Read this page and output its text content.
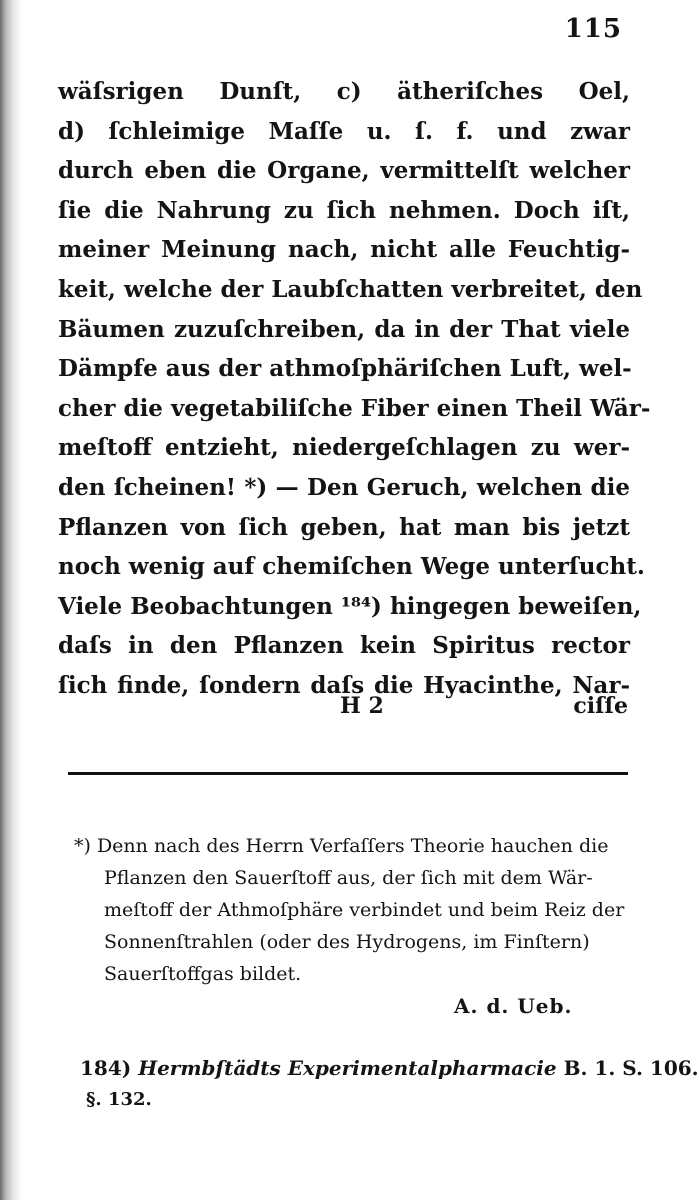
115
wäſsrigen Dunſt, c) ätheriſches Oel,
d) ſchleimige Maſſe u. ſ. f. und zwar
durch eben die Organe, vermittelſt welcher
ſie die Nahrung zu ſich nehmen. Doch iſt,
meiner Meinung nach, nicht alle Feuchtig-
keit, welche der Laubſchatten verbreitet, den
Bäumen zuzuſchreiben, da in der That viele
Dämpfe aus der athmoſphäriſchen Luft, wel-
cher die vegetabiliſche Fiber einen Theil Wär-
meſtoff entzieht, niedergeſchlagen zu wer-
den ſcheinen! *) — Den Geruch, welchen die
Pflanzen von ſich geben, hat man bis jetzt
noch wenig auf chemiſchen Wege unterſucht.
Viele Beobachtungen ¹⁸⁴) hingegen beweiſen,
daſs in den Pflanzen kein Spiritus rector
ſich finde, ſondern daſs die Hyacinthe, Nar-
H 2	ciſſe
*) Denn nach des Herrn Verfaſſers Theorie hauchen die
Pflanzen den Sauerſtoff aus, der ſich mit dem Wär-
meſtoff der Athmoſphäre verbindet und beim Reiz der
Sonnenſtrahlen (oder des Hydrogens, im Finſtern)
Sauerſtoffgas bildet.
A. d. Ueb.
184) Hermbſtädts Experimentalpharmacie B. 1. S. 106.
§. 132.
